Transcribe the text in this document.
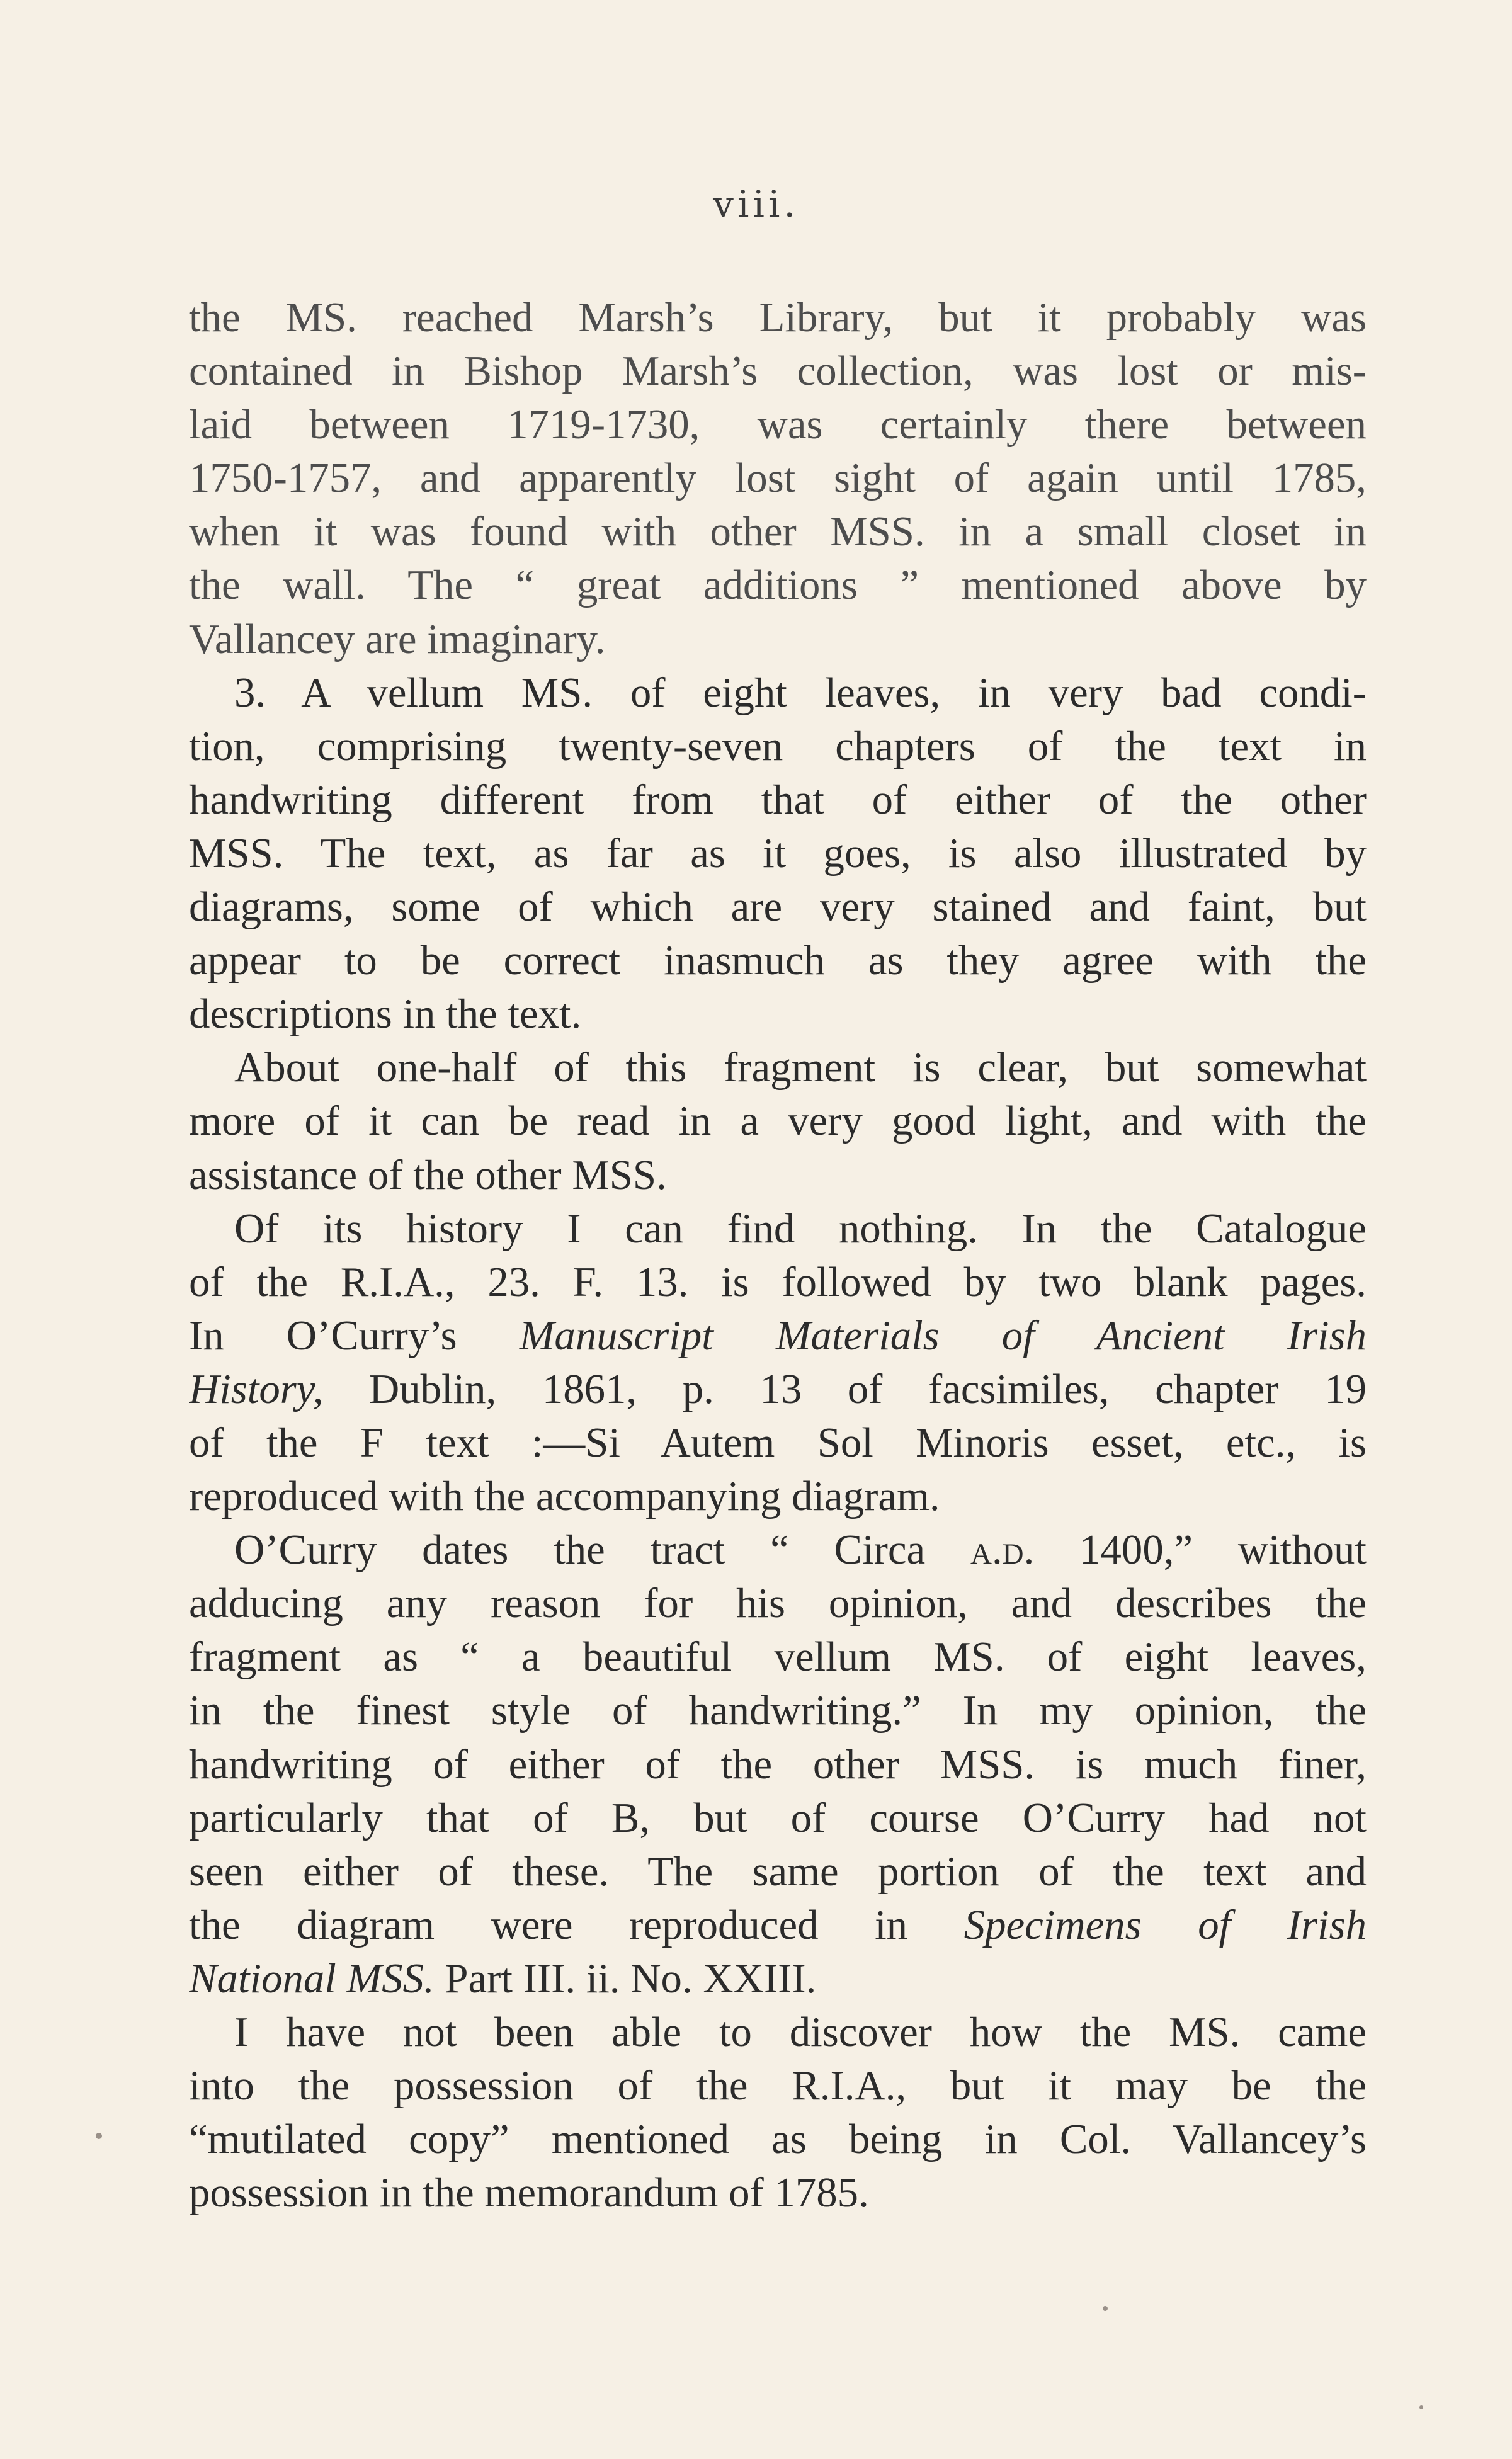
viii.
the MS. reached Marsh’s Library, but it probably was
contained in Bishop Marsh’s collection, was lost or mis-
laid between 1719-1730, was certainly there between
1750-1757, and apparently lost sight of again until 1785,
when it was found with other MSS. in a small closet in
the wall. The “ great additions ” mentioned above by
Vallancey are imaginary.
3. A vellum MS. of eight leaves, in very bad condi-
tion, comprising twenty-seven chapters of the text in
handwriting different from that of either of the other
MSS. The text, as far as it goes, is also illustrated by
diagrams, some of which are very stained and faint, but
appear to be correct inasmuch as they agree with the
descriptions in the text.
About one-half of this fragment is clear, but somewhat
more of it can be read in a very good light, and with the
assistance of the other MSS.
Of its history I can find nothing. In the Catalogue
of the R.I.A., 23. F. 13. is followed by two blank pages.
In O’Curry’s Manuscript Materials of Ancient Irish
History, Dublin, 1861, p. 13 of facsimiles, chapter 19
of the F text :—Si Autem Sol Minoris esset, etc., is
reproduced with the accompanying diagram.
O’Curry dates the tract “ Circa a.d. 1400,” without
adducing any reason for his opinion, and describes the
fragment as “ a beautiful vellum MS. of eight leaves,
in the finest style of handwriting.” In my opinion, the
handwriting of either of the other MSS. is much finer,
particularly that of B, but of course O’Curry had not
seen either of these. The same portion of the text and
the diagram were reproduced in Specimens of Irish
National MSS. Part III. ii. No. XXIII.
I have not been able to discover how the MS. came
into the possession of the R.I.A., but it may be the
“mutilated copy” mentioned as being in Col. Vallancey’s
possession in the memorandum of 1785.
